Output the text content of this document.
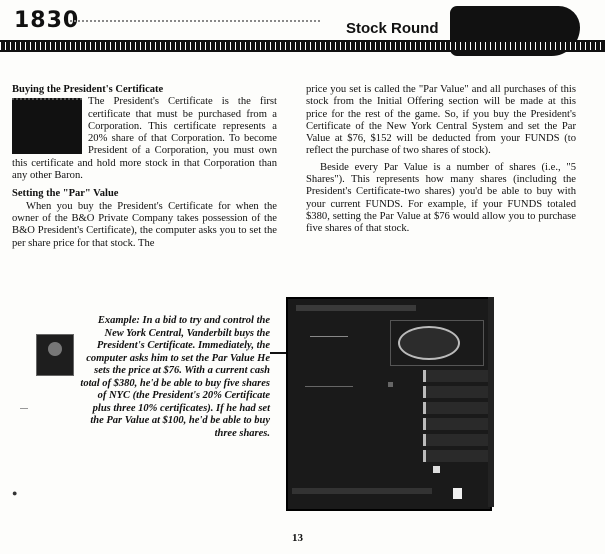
1830	Stock Round
Buying the President's Certificate

The President's Certificate is the first certificate that must be purchased from a Corporation. This certificate represents a 20% share of that Corporation. To become President of a Corporation, you must own this certificate and hold more stock in that Corporation than any other Baron.

Setting the "Par" Value

When you buy the President's Certificate for when the owner of the B&O Private Company takes possession of the B&O President's Certificate), the computer asks you to set the per share price for that stock. The

price you set is called the "Par Value" and all purchases of this stock from the Initial Offering section will be made at this price for the rest of the game. So, if you buy the President's Certificate of the New York Central System and set the Par Value at $76, $152 will be deducted from your FUNDS (to reflect the purchase of two shares of stock).

Beside every Par Value is a number of shares (i.e., "5 Shares"). This represents how many shares (including the President's Certificate-two shares) you'd be able to buy with your current FUNDS. For example, if your FUNDS totaled $380, setting the Par Value at $76 would allow you to purchase five shares of that stock.

Example: In a bid to try and control the New York Central, Vanderbilt buys the President's Certificate. Immediately, the computer asks him to set the Par Value He sets the price at $76. With a current cash total of $380, he'd be able to buy five shares of NYC (the President's 20% Certificate plus three 10% certificates). If he had set the Par Value at $100, he'd be able to buy three shares.
●
13
